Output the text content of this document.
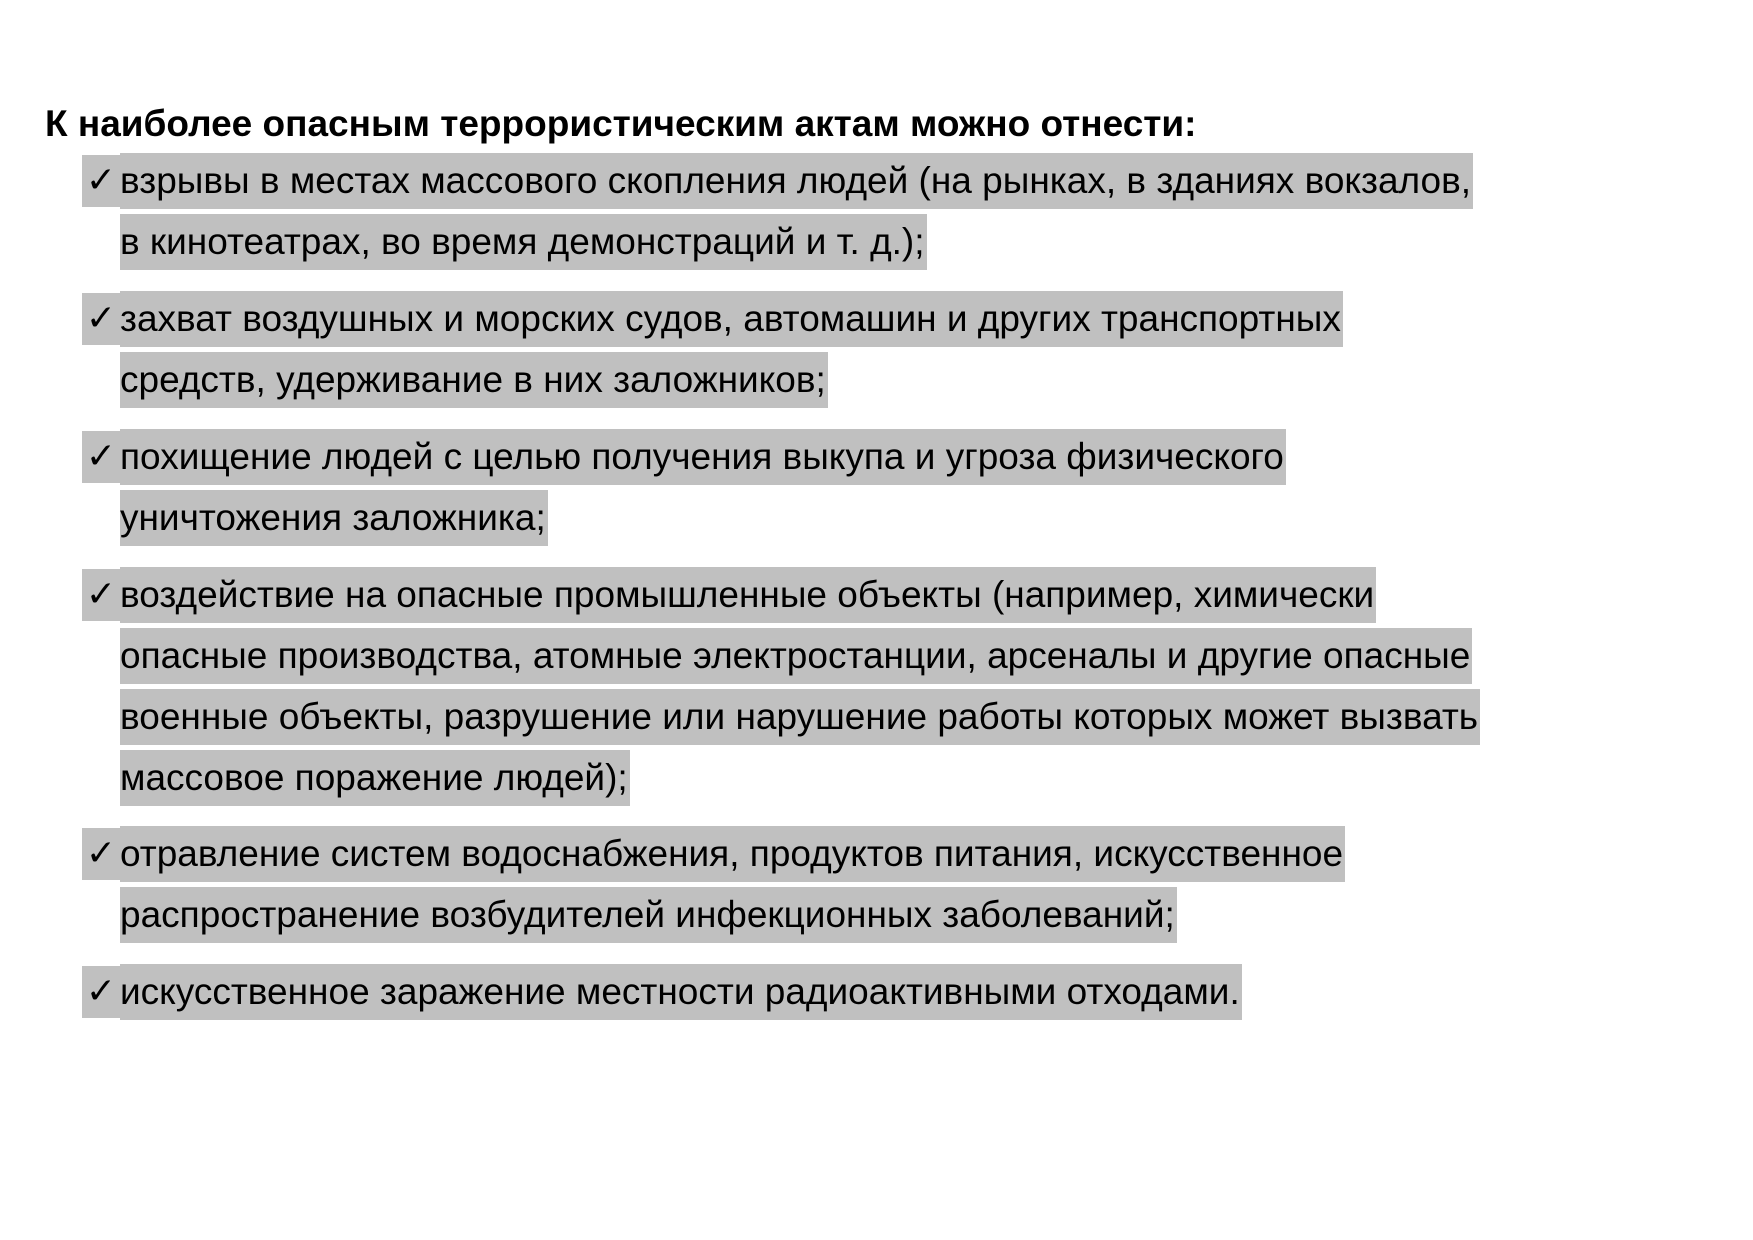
К наиболее опасным террористическим актам можно отнести:

✓ взрывы в местах массового скопления людей (на рынках, в зданиях вокзалов,
в кинотеатрах, во время демонстраций и т. д.);
✓ захват воздушных и морских судов, автомашин и других транспортных
средств, удерживание в них заложников;
✓ похищение людей с целью получения выкупа и угроза физического
уничтожения заложника;
✓ воздействие на опасные промышленные объекты (например, химически
опасные производства, атомные электростанции, арсеналы и другие опасные
военные объекты, разрушение или нарушение работы которых может вызвать
массовое поражение людей);
✓ отравление систем водоснабжения, продуктов питания, искусственное
распространение возбудителей инфекционных заболеваний;
✓ искусственное заражение местности радиоактивными отходами.
